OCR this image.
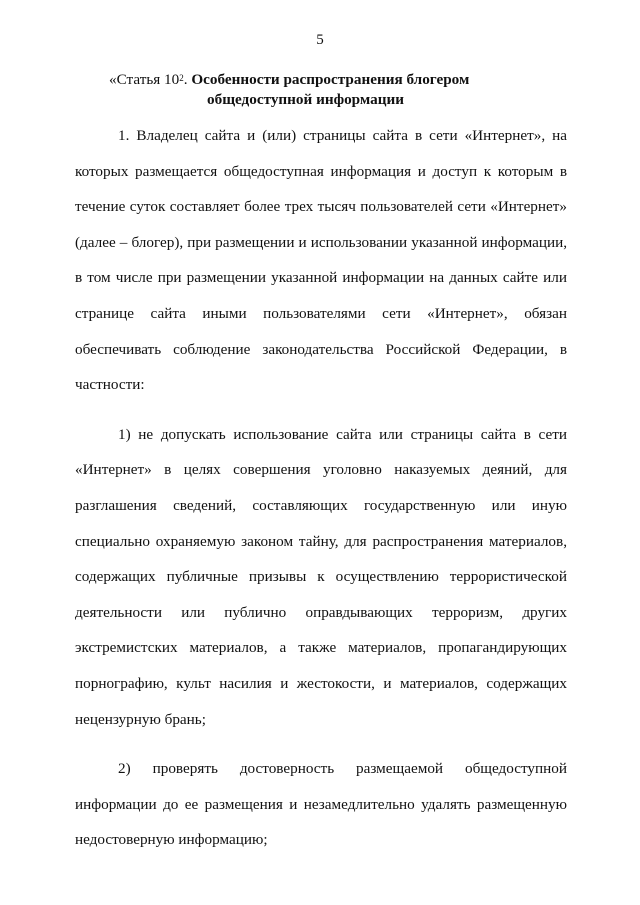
5
«Статья $10^2$. Особенности распространения блогером
общедоступной информации

1. Владелец сайта и (или) страницы сайта в сети «Интернет», на которых размещается общедоступная информация и доступ к которым в течение суток составляет более трех тысяч пользователей сети «Интернет» (далее – блогер), при размещении и использовании указанной информации, в том числе при размещении указанной информации на данных сайте или странице сайта иными пользователями сети «Интернет», обязан обеспечивать соблюдение законодательства Российской Федерации, в частности:

1) не допускать использование сайта или страницы сайта в сети «Интернет» в целях совершения уголовно наказуемых деяний, для разглашения сведений, составляющих государственную или иную специально охраняемую законом тайну, для распространения материалов, содержащих публичные призывы к осуществлению террористической деятельности или публично оправдывающих терроризм, других экстремистских материалов, а также материалов, пропагандирующих порнографию, культ насилия и жестокости, и материалов, содержащих нецензурную брань;

2) проверять достоверность размещаемой общедоступной информации до ее размещения и незамедлительно удалять размещенную недостоверную информацию;
